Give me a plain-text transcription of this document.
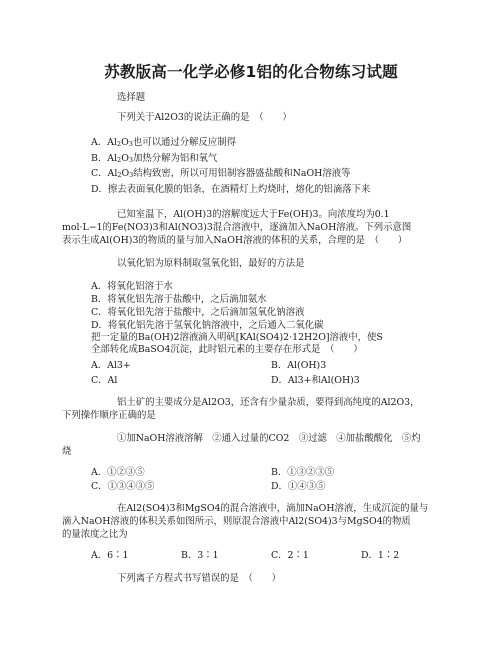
苏教版高一化学必修1铝的化合物练习试题
选择题
下列关于Al2O3的说法正确的是　（　　）
A．Al2O3也可以通过分解反应制得
B．Al2O3加热分解为铝和氧气
C．Al2O3结构致密，所以可用铝制容器盛盐酸和NaOH溶液等
D．擦去表面氧化膜的铝条，在酒精灯上灼烧时，熔化的铝滴落下来
已知室温下，Al(OH)3的溶解度远大于Fe(OH)3。向浓度均为0.1
mol·L−1的Fe(NO3)3和Al(NO3)3混合溶液中，逐滴加入NaOH溶液。下列示意图
表示生成Al(OH)3的物质的量与加入NaOH溶液的体积的关系，合理的是　（　　）
以氧化铝为原料制取氢氧化铝，最好的方法是
A．将氧化铝溶于水
B．将氧化铝先溶于盐酸中，之后滴加氨水
C．将氧化铝先溶于盐酸中，之后滴加氢氧化钠溶液
D．将氧化铝先溶于氢氧化钠溶液中，之后通入二氧化碳
把一定量的Ba(OH)2溶液滴入明矾[KAl(SO4)2·12H2O]溶液中，使S
全部转化成BaSO4沉淀，此时铝元素的主要存在形式是　（　　）
A．Al3+	B．Al(OH)3
C．Al	D．Al3+和Al(OH)3
铝土矿的主要成分是Al2O3，还含有少量杂质，要得到高纯度的Al2O3，
下列操作顺序正确的是
①加NaOH溶液溶解　②通入过量的CO2　③过滤　④加盐酸酸化　⑤灼
烧
A．①②③⑤	B．①③②③⑤
C．①③④③⑤	D．①④③⑤
在Al2(SO4)3和MgSO4的混合溶液中，滴加NaOH溶液，生成沉淀的量与
滴入NaOH溶液的体积关系如图所示，则原混合溶液中Al2(SO4)3与MgSO4的物质
的量浓度之比为
A．6∶1	B．3∶1	C．2∶1	D．1∶2
下列离子方程式书写错误的是　（　　）
